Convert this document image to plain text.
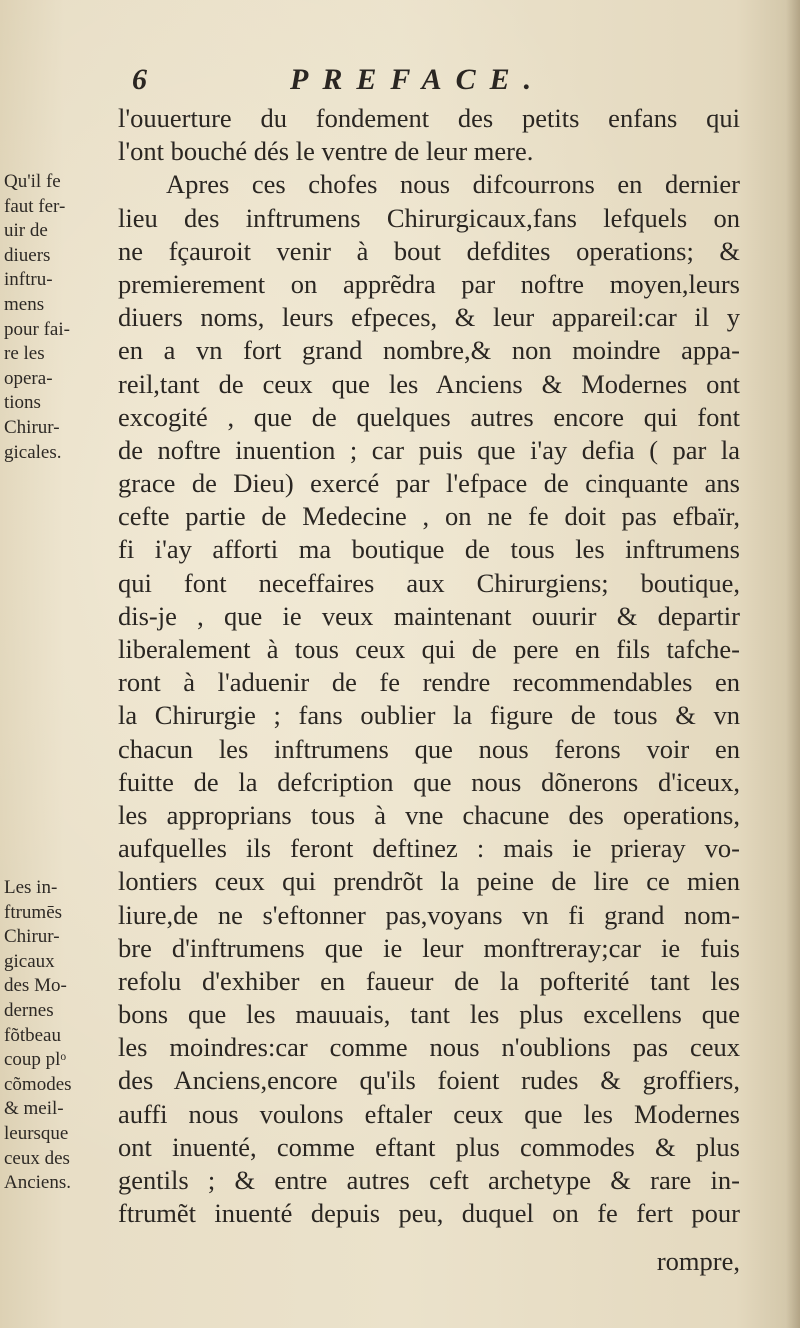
6	PREFACE.
Qu'il fe
faut fer-
uir de
diuers
inftru-
mens
pour fai-
re les
opera-
tions
Chirur-
gicales.
Les in-
ftrumēs
Chirur-
gicaux
des Mo-
dernes
fõtbeau
coup plᵒ
cõmodes
& meil-
leursque
ceux des
Anciens.
l'ouuerture du fondement des petits enfans qui
l'ont bouché dés le ventre de leur mere.
Apres ces chofes nous difcourrons en dernier
lieu des inftrumens Chirurgicaux,fans lefquels on
ne fçauroit venir à bout defdites operations; &
premierement on apprẽdra par noftre moyen,leurs
diuers noms, leurs efpeces, & leur appareil:car il y
en a vn fort grand nombre,& non moindre appa-
reil,tant de ceux que les Anciens & Modernes ont
excogité , que de quelques autres encore qui font
de noftre inuention ; car puis que i'ay defia ( par la
grace de Dieu) exercé par l'efpace de cinquante ans
cefte partie de Medecine , on ne fe doit pas efbaïr,
fi i'ay afforti ma boutique de tous les inftrumens
qui font neceffaires aux Chirurgiens; boutique,
dis-je , que ie veux maintenant ouurir & departir
liberalement à tous ceux qui de pere en fils tafche-
ront à l'aduenir de fe rendre recommendables en
la Chirurgie ; fans oublier la figure de tous & vn
chacun les inftrumens que nous ferons voir en
fuitte de la defcription que nous dõnerons d'iceux,
les approprians tous à vne chacune des operations,
aufquelles ils feront deftinez : mais ie prieray vo-
lontiers ceux qui prendrõt la peine de lire ce mien
liure,de ne s'eftonner pas,voyans vn fi grand nom-
bre d'inftrumens que ie leur monftreray;car ie fuis
refolu d'exhiber en faueur de la pofterité tant les
bons que les mauuais, tant les plus excellens que
les moindres:car comme nous n'oublions pas ceux
des Anciens,encore qu'ils foient rudes & groffiers,
auffi nous voulons eftaler ceux que les Modernes
ont inuenté, comme eftant plus commodes & plus
gentils ; & entre autres ceft archetype & rare in-
ftrumẽt inuenté depuis peu, duquel on fe fert pour
rompre,
